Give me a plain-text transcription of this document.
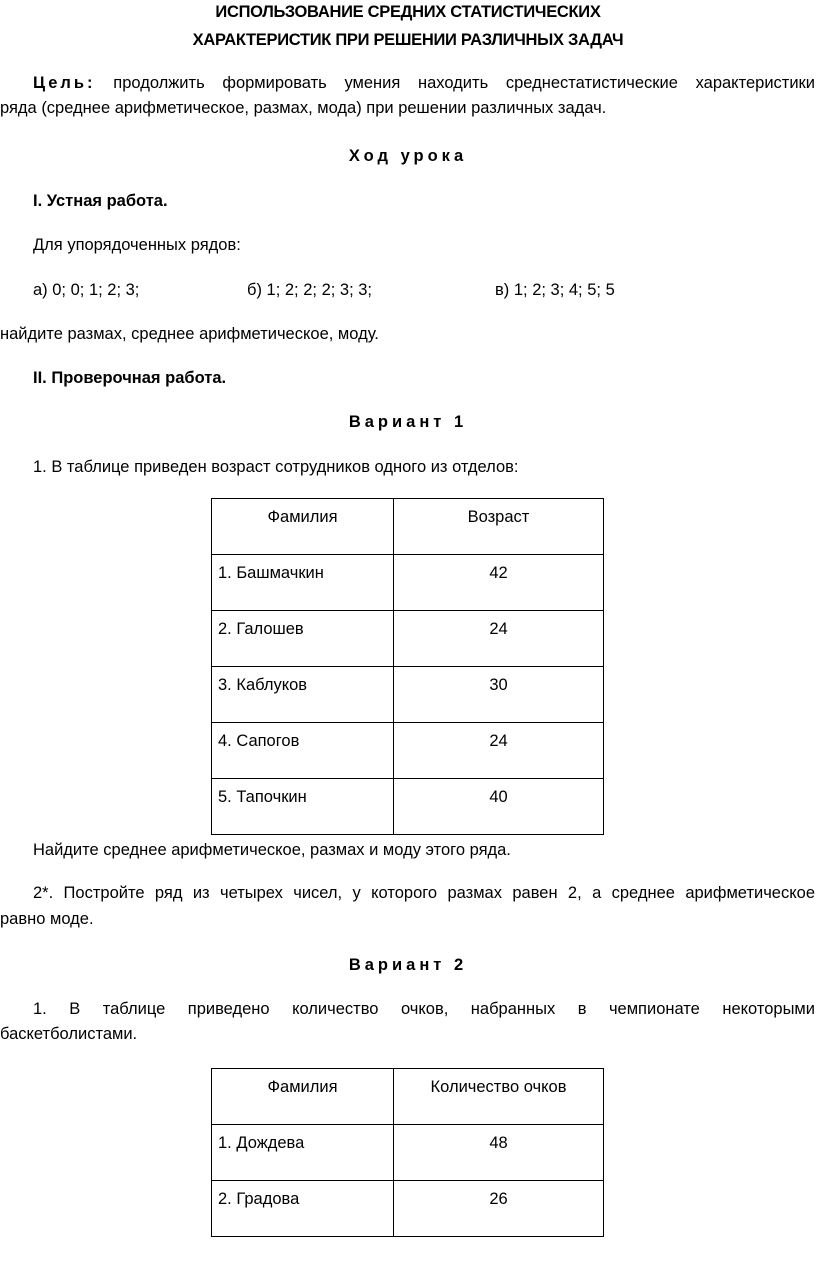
ИСПОЛЬЗОВАНИЕ СРЕДНИХ СТАТИСТИЧЕСКИХ
ХАРАКТЕРИСТИК ПРИ РЕШЕНИИ РАЗЛИЧНЫХ ЗАДАЧ
Цель: продолжить формировать умения находить среднестатистические характеристики
ряда (среднее арифметическое, размах, мода) при решении различных задач.
Ход урока
I. Устная работа.
Для упорядоченных рядов:
а) 0; 0; 1; 2; 3;	б) 1; 2; 2; 2; 3; 3;	в) 1; 2; 3; 4; 5; 5
найдите размах, среднее арифметическое, моду.
II. Проверочная работа.
Вариант 1
1. В таблице приведен возраст сотрудников одного из отделов:
Фамилия	Возраст
1. Башмачкин	42
2. Галошев	24
3. Каблуков	30
4. Сапогов	24
5. Тапочкин	40
Найдите среднее арифметическое, размах и моду этого ряда.
2*. Постройте ряд из четырех чисел, у которого размах равен 2, а среднее арифметическое
равно моде.
Вариант 2
1. В таблице приведено количество очков, набранных в чемпионате некоторыми
баскетболистами.
Фамилия	Количество очков
1. Дождева	48
2. Градова	26
